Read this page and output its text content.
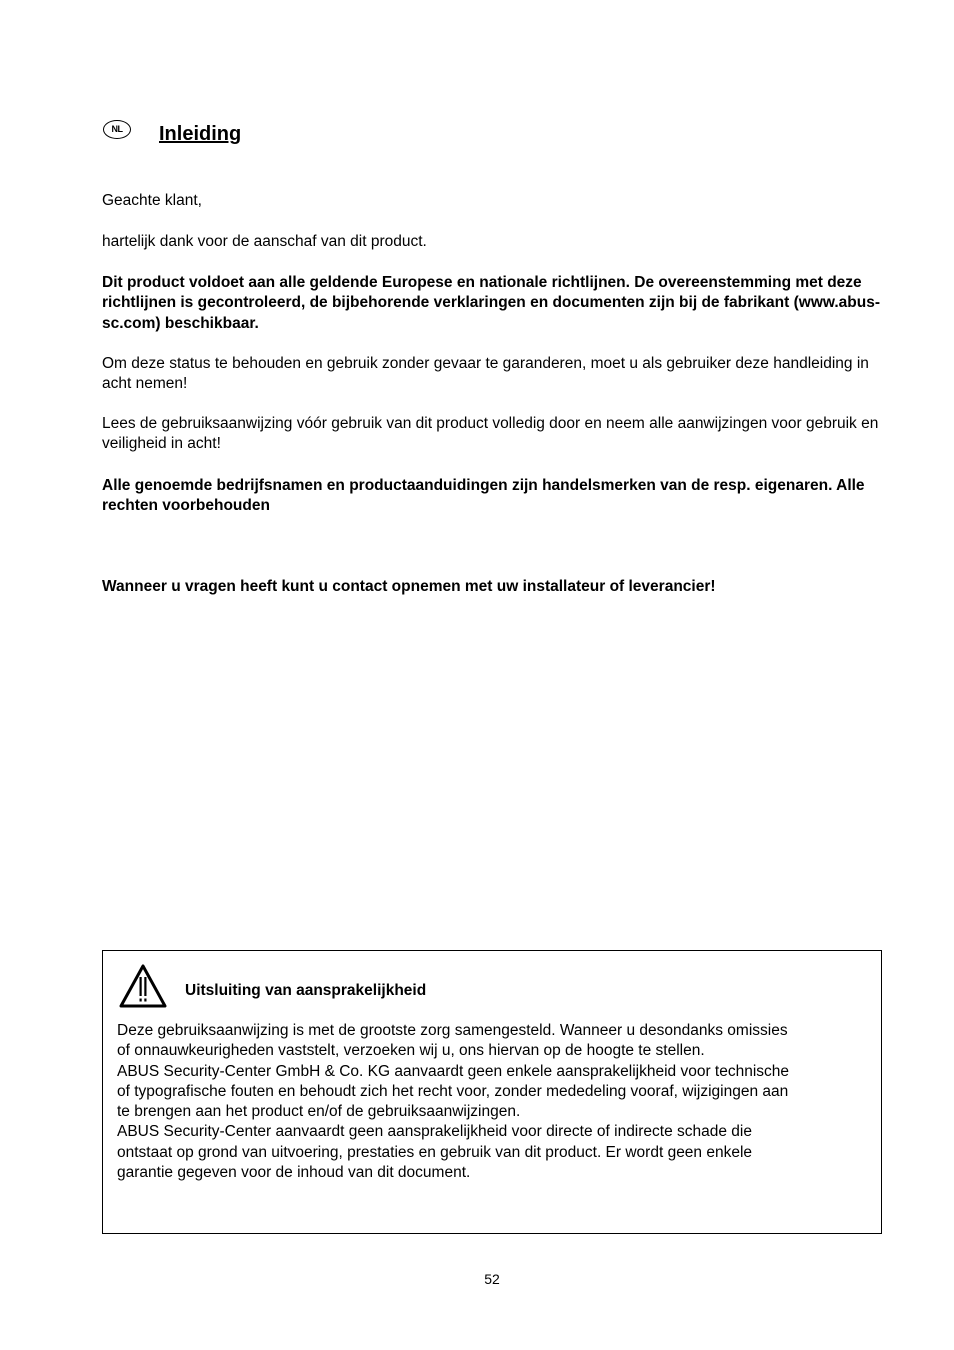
NL	Inleiding
Geachte klant,
hartelijk dank voor de aanschaf van dit product.
Dit product voldoet aan alle geldende Europese en nationale richtlijnen. De overeenstemming met deze richtlijnen is gecontroleerd, de bijbehorende verklaringen en documenten zijn bij de fabrikant (www.abus-sc.com) beschikbaar.
Om deze status te behouden en gebruik zonder gevaar te garanderen, moet u als gebruiker deze handleiding in acht nemen!
Lees de gebruiksaanwijzing vóór gebruik van dit product volledig door en neem alle aanwijzingen voor gebruik en veiligheid in acht!
Alle genoemde bedrijfsnamen en productaanduidingen zijn handelsmerken van de resp. eigenaren. Alle rechten voorbehouden
Wanneer u vragen heeft kunt u contact opnemen met uw installateur of leverancier!
Uitsluiting van aansprakelijkheid
Deze gebruiksaanwijzing is met de grootste zorg samengesteld. Wanneer u desondanks omissies
of onnauwkeurigheden vaststelt, verzoeken wij u, ons hiervan op de hoogte te stellen.
ABUS Security-Center GmbH & Co. KG aanvaardt geen enkele aansprakelijkheid voor technische
of typografische fouten en behoudt zich het recht voor, zonder mededeling vooraf, wijzigingen aan
te brengen aan het product en/of de gebruiksaanwijzingen.
ABUS Security-Center aanvaardt geen aansprakelijkheid voor directe of indirecte schade die
ontstaat op grond van uitvoering, prestaties en gebruik van dit product. Er wordt geen enkele
garantie gegeven voor de inhoud van dit document.
52
